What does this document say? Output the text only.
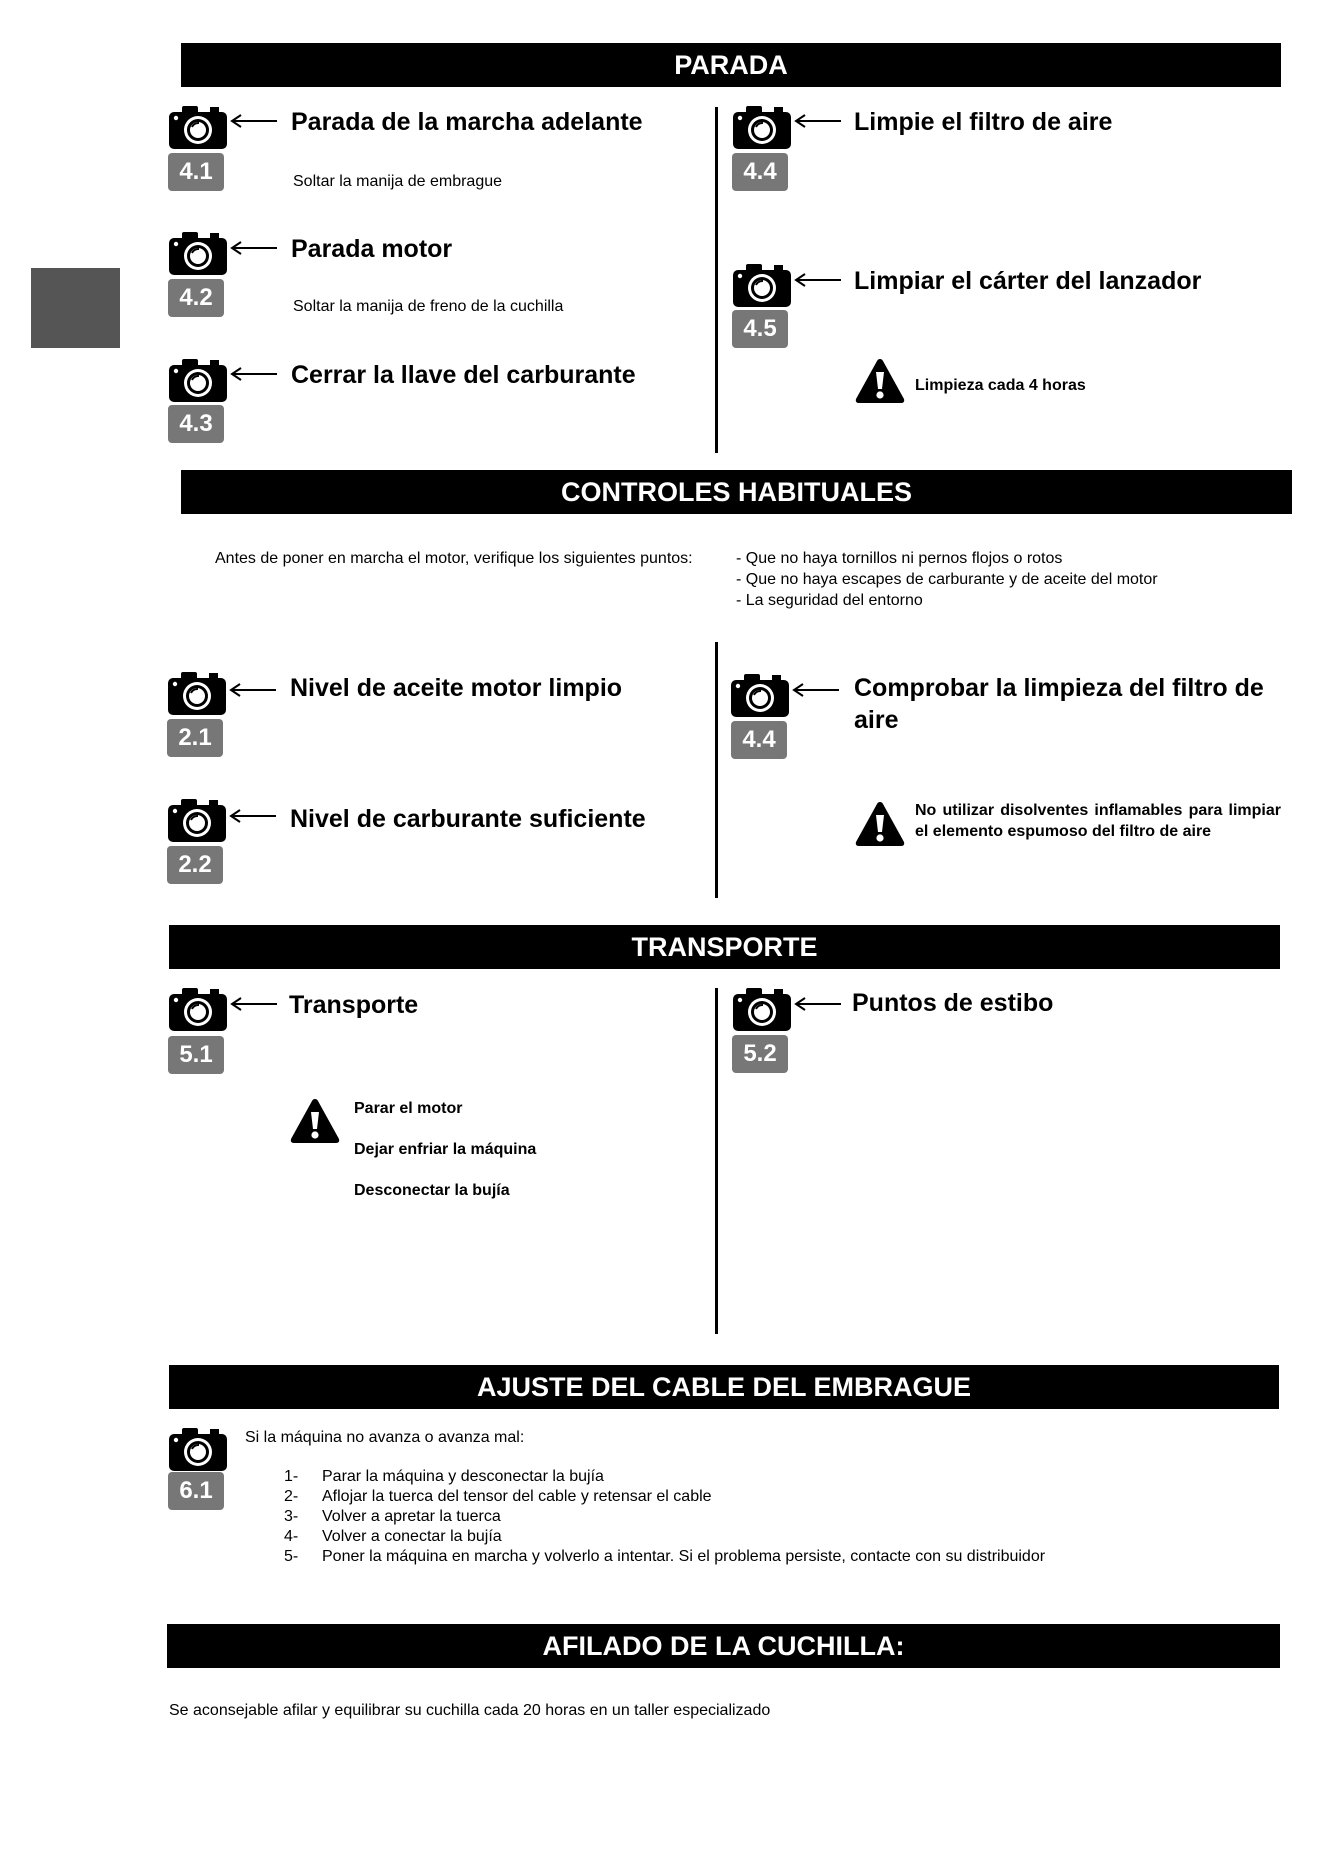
PARADA
4.1
Parada de la marcha adelante
Soltar la manija de embrague
4.2
Parada motor
Soltar la manija de freno de la cuchilla
4.3
Cerrar la llave del carburante
4.4
Limpie el filtro de aire
4.5
Limpiar el cárter del lanzador
Limpieza cada 4 horas
CONTROLES HABITUALES
Antes de poner en marcha el motor, verifique los siguientes puntos:	- Que no haya tornillos ni pernos flojos o rotos
- Que no haya escapes de carburante y de aceite del motor
- La seguridad del entorno
2.1
Nivel de aceite motor limpio
2.2
Nivel de carburante suficiente
4.4
Comprobar la limpieza del filtro de aire
No utilizar disolventes inflamables para limpiar el elemento espumoso del filtro de aire
TRANSPORTE
5.1
Transporte
Parar el motor
Dejar enfriar la máquina
Desconectar la bujía
5.2
Puntos de estibo
AJUSTE DEL CABLE DEL EMBRAGUE
6.1
Si la máquina no avanza o avanza mal:
1- Parar la máquina y desconectar la bujía
2- Aflojar la tuerca del tensor del cable y retensar el cable
3- Volver a apretar la tuerca
4- Volver a conectar la bujía
5- Poner la máquina en marcha y volverlo a intentar. Si el problema persiste, contacte con su distribuidor
AFILADO DE LA CUCHILLA:
Se aconsejable afilar y equilibrar su cuchilla cada 20 horas en un taller especializado
